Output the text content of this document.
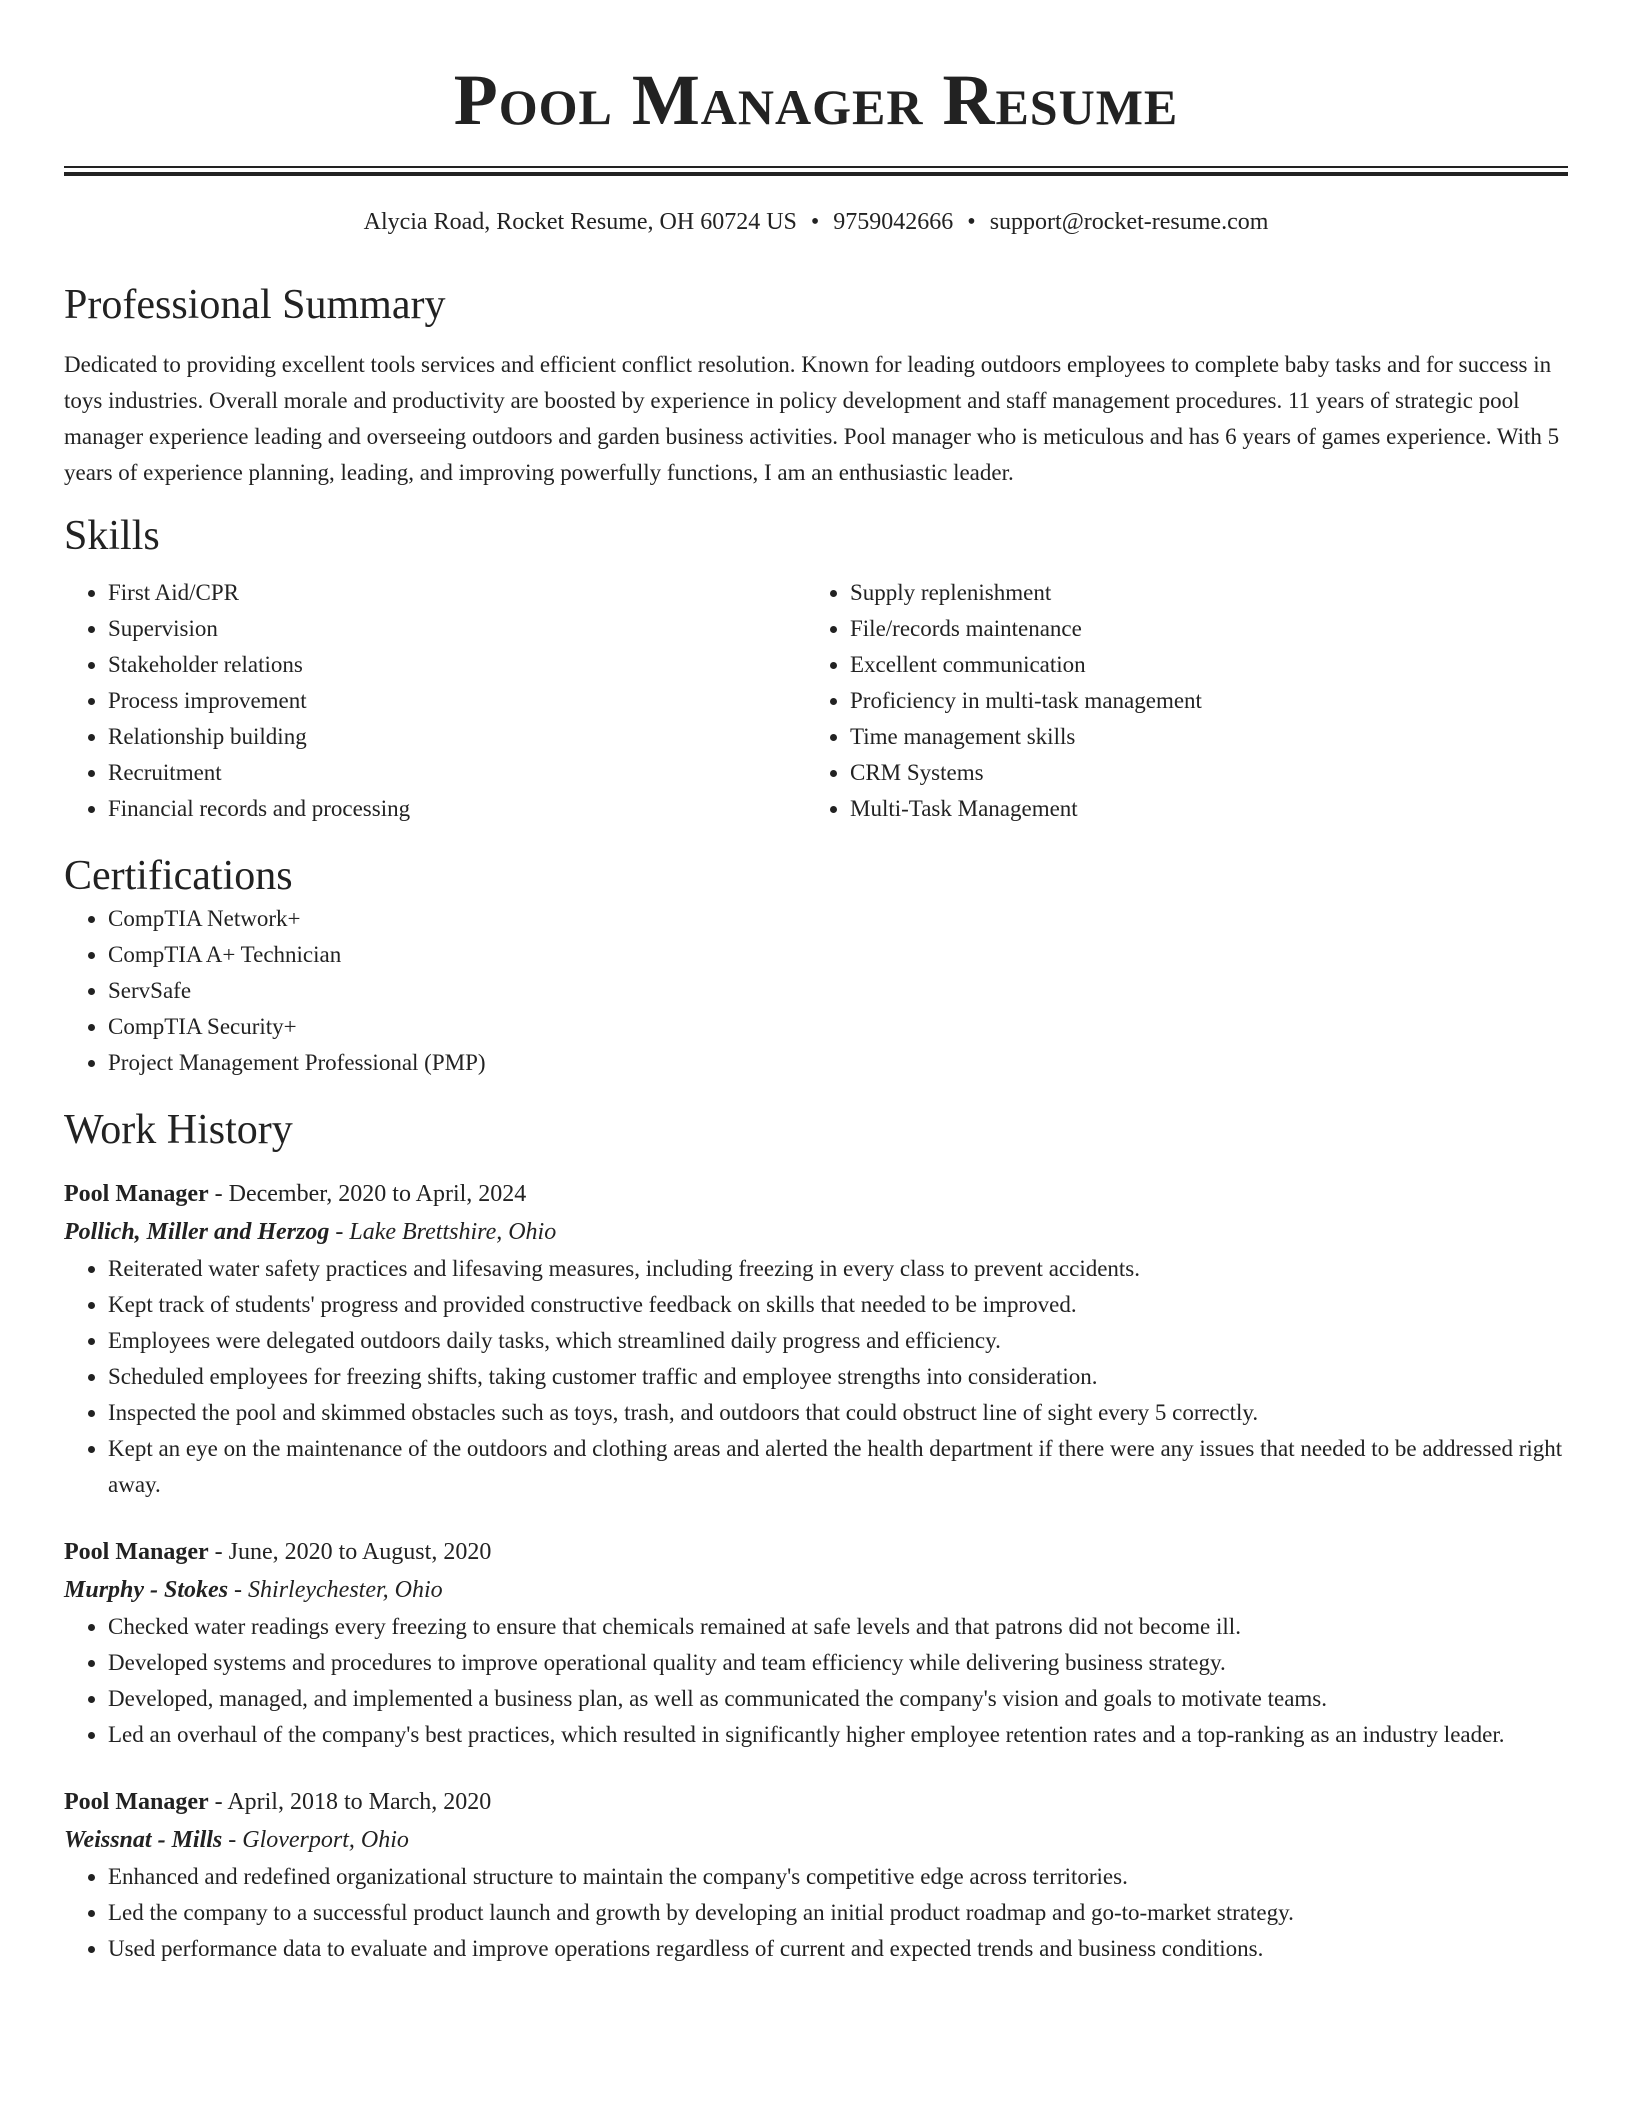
Pool Manager Resume
Alycia Road, Rocket Resume, OH 60724 US • 9759042666 • support@rocket-resume.com
Professional Summary
Dedicated to providing excellent tools services and efficient conflict resolution. Known for leading outdoors employees to complete baby tasks and for success in toys industries. Overall morale and productivity are boosted by experience in policy development and staff management procedures. 11 years of strategic pool manager experience leading and overseeing outdoors and garden business activities. Pool manager who is meticulous and has 6 years of games experience. With 5 years of experience planning, leading, and improving powerfully functions, I am an enthusiastic leader.
Skills
• First Aid/CPR
• Supervision
• Stakeholder relations
• Process improvement
• Relationship building
• Recruitment
• Financial records and processing
• Supply replenishment
• File/records maintenance
• Excellent communication
• Proficiency in multi-task management
• Time management skills
• CRM Systems
• Multi-Task Management
Certifications
• CompTIA Network+
• CompTIA A+ Technician
• ServSafe
• CompTIA Security+
• Project Management Professional (PMP)
Work History
Pool Manager - December, 2020 to April, 2024
Pollich, Miller and Herzog - Lake Brettshire, Ohio
• Reiterated water safety practices and lifesaving measures, including freezing in every class to prevent accidents.
• Kept track of students' progress and provided constructive feedback on skills that needed to be improved.
• Employees were delegated outdoors daily tasks, which streamlined daily progress and efficiency.
• Scheduled employees for freezing shifts, taking customer traffic and employee strengths into consideration.
• Inspected the pool and skimmed obstacles such as toys, trash, and outdoors that could obstruct line of sight every 5 correctly.
• Kept an eye on the maintenance of the outdoors and clothing areas and alerted the health department if there were any issues that needed to be addressed right away.
Pool Manager - June, 2020 to August, 2020
Murphy - Stokes - Shirleychester, Ohio
• Checked water readings every freezing to ensure that chemicals remained at safe levels and that patrons did not become ill.
• Developed systems and procedures to improve operational quality and team efficiency while delivering business strategy.
• Developed, managed, and implemented a business plan, as well as communicated the company's vision and goals to motivate teams.
• Led an overhaul of the company's best practices, which resulted in significantly higher employee retention rates and a top-ranking as an industry leader.
Pool Manager - April, 2018 to March, 2020
Weissnat - Mills - Gloverport, Ohio
• Enhanced and redefined organizational structure to maintain the company's competitive edge across territories.
• Led the company to a successful product launch and growth by developing an initial product roadmap and go-to-market strategy.
• Used performance data to evaluate and improve operations regardless of current and expected trends and business conditions.
